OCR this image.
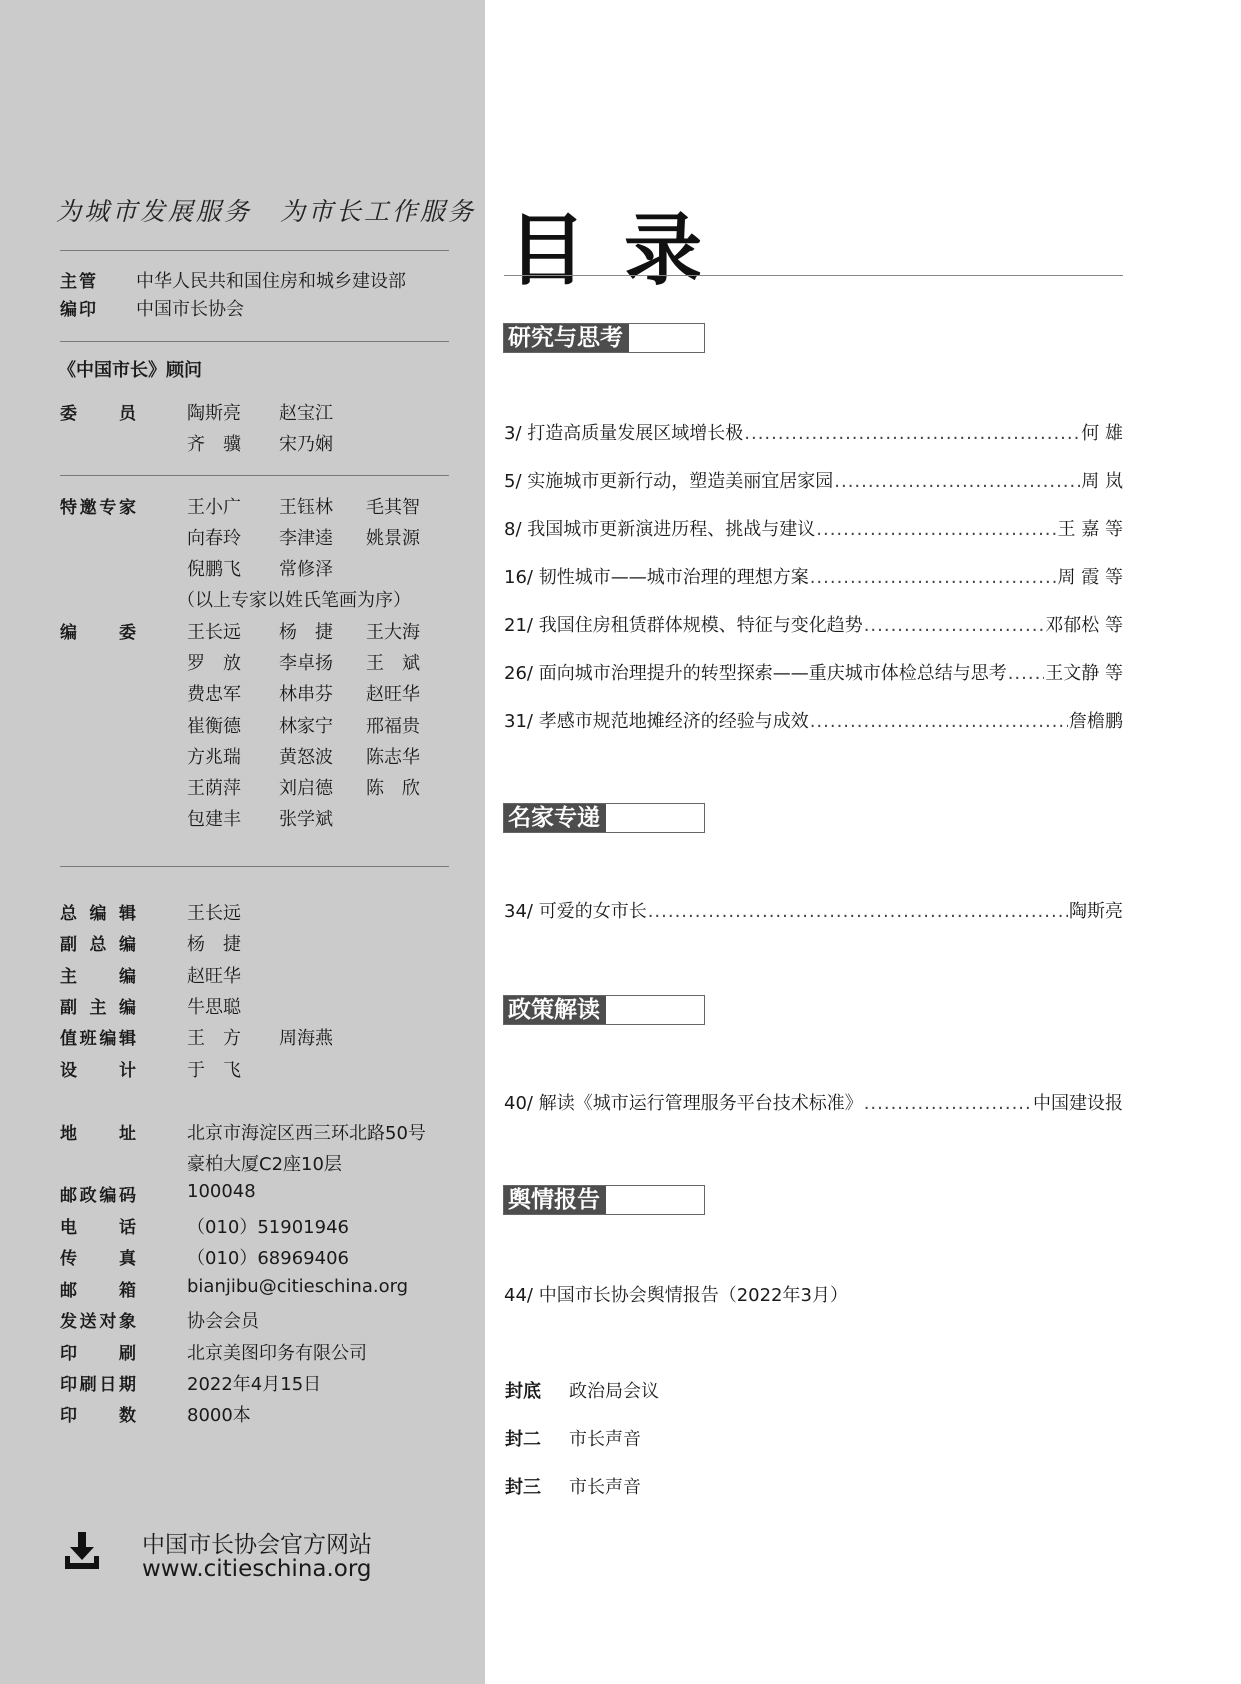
为城市发展服务　为市长工作服务
主管 中华人民共和国住房和城乡建设部
编印 中国市长协会
《中国市长》顾问
委　员	陶斯亮 赵宝江
齐　骥 宋乃娴
特邀专家	王小广 王钰林 毛其智
向春玲 李津逵 姚景源
倪鹏飞 常修泽
（以上专家以姓氏笔画为序）
编　委	王长远 杨　捷 王大海
罗　放 李卓扬 王　斌
费忠军 林串芬 赵旺华
崔衡德 林家宁 邢福贵
方兆瑞 黄怒波 陈志华
王荫萍 刘启德 陈　欣
包建丰 张学斌
总编辑	王长远
副总编	杨　捷
主编	赵旺华
副主编	牛思聪
值班编辑	王　方 周海燕
设计	于　飞
地址	北京市海淀区西三环北路50号
豪柏大厦C2座10层
邮政编码	100048
电话	（010）51901946
传真	（010）68969406
邮箱	bianjibu@citieschina.org
发送对象	协会会员
印刷	北京美图印务有限公司
印刷日期	2022年4月15日
印数	8000本
中国市长协会官方网站
www.citieschina.org
目录
研究与思考
3/ 打造高质量发展区域增长极 .....	何 雄
5/ 实施城市更新行动，塑造美丽宜居家园 .....	周 岚
8/ 我国城市更新演进历程、挑战与建议 .....	王 嘉 等
16/ 韧性城市——城市治理的理想方案 .....	周 霞 等
21/ 我国住房租赁群体规模、特征与变化趋势 .....	邓郁松 等
26/ 面向城市治理提升的转型探索——重庆城市体检总结与思考 ..... 王文静 等
31/ 孝感市规范地摊经济的经验与成效 .....	詹檐鹏
名家专递
34/ 可爱的女市长 .....	陶斯亮
政策解读
40/ 解读《城市运行管理服务平台技术标准》 .....	中国建设报
舆情报告
44/ 中国市长协会舆情报告（2022年3月）
封底 政治局会议
封二 市长声音
封三 市长声音
